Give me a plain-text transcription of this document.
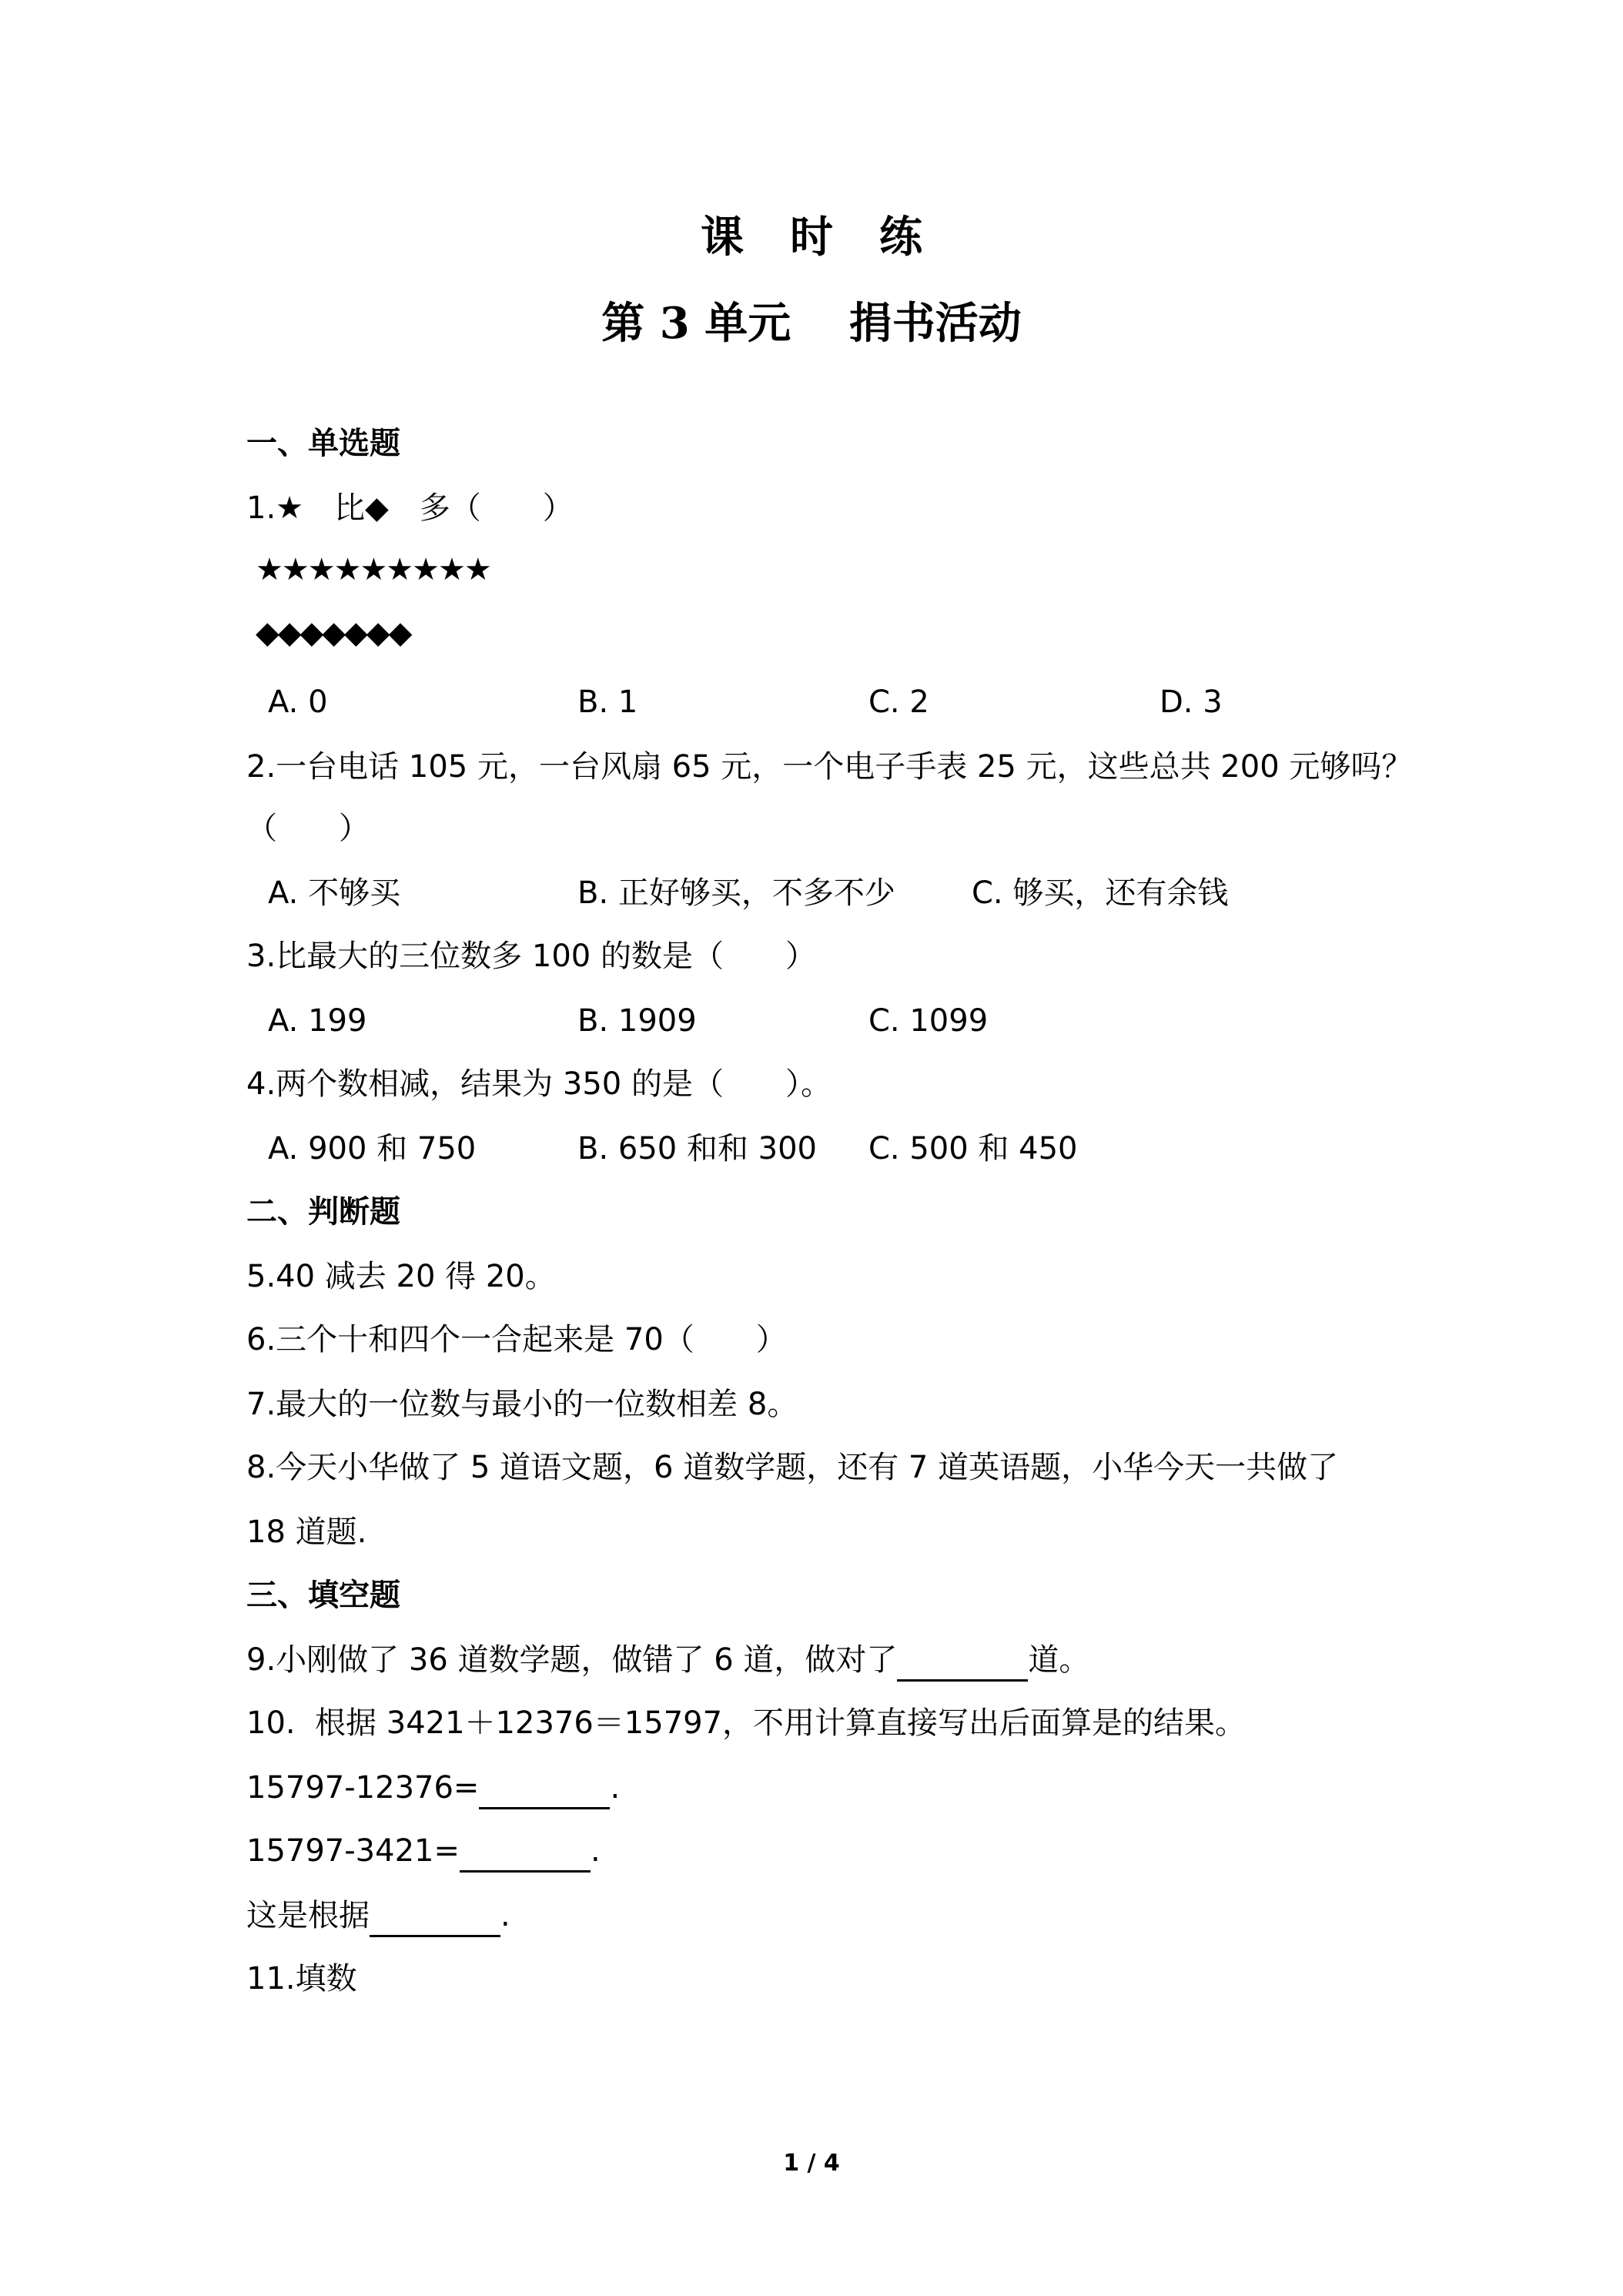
课时练
第 3 单元　 捐书活动
一、单选题
1.★　比◆　多（　　）
★★★★★★★★★
◆◆◆◆◆◆◆
A. 0	B. 1	C. 2	D. 3
2.一台电话 105 元，一台风扇 65 元，一个电子手表 25 元，这些总共 200 元够吗？
（　　）
A. 不够买	B. 正好够买，不多不少 C. 够买，还有余钱
3.比最大的三位数多 100 的数是（　　）
A. 199	B. 1909	C. 1099
4.两个数相减，结果为 350 的是（　　）。
A. 900 和 750	B. 650 和和 300 C. 500 和 450
二、判断题
5.40 减去 20 得 20。
6.三个十和四个一合起来是 70（　　）
7.最大的一位数与最小的一位数相差 8。
8.今天小华做了 5 道语文题，6 道数学题，还有 7 道英语题，小华今天一共做了
18 道题.
三、填空题
9.小刚做了 36 道数学题，做错了 6 道，做对了	道。
10.  根据 3421＋12376＝15797，不用计算直接写出后面算是的结果。
15797-12376=	.
15797-3421=	.
这是根据	.
11.填数
1 / 4
